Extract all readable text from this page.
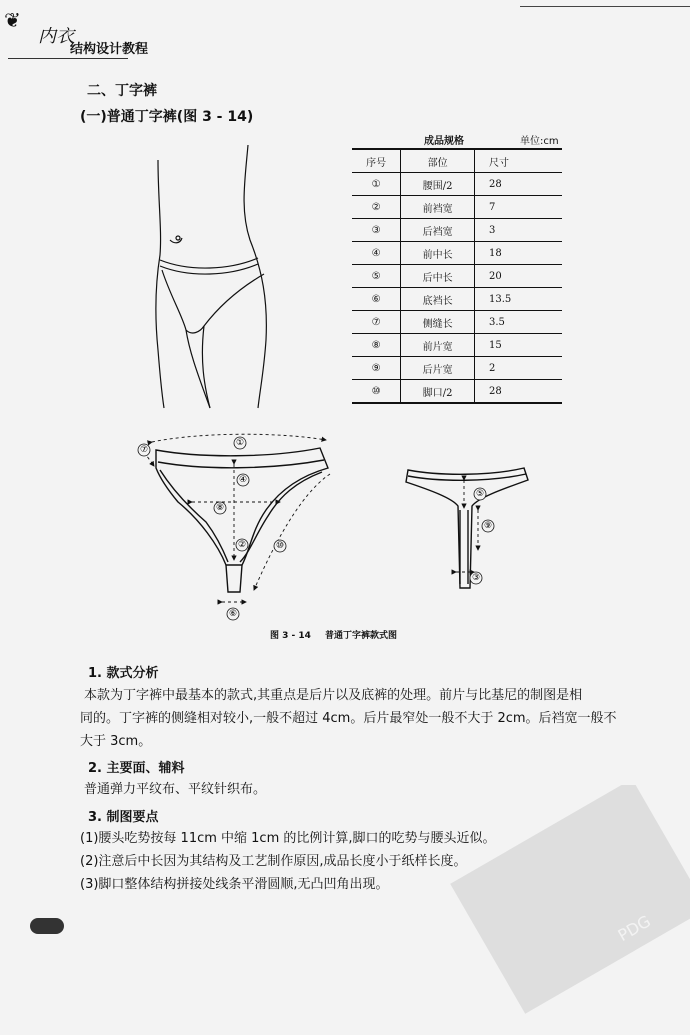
❦
内衣
结构设计教程
二、丁字裤
(一)普通丁字裤(图 3 - 14)
成品规格	单位:cm
序号	部位	尺寸
①	腰围/2	28
②	前裆宽	7
③	后裆宽	3
④	前中长	18
⑤	后中长	20
⑥	底裆长	13.5
⑦	侧缝长	3.5
⑧	前片宽	15
⑨	后片宽	2
⑩	脚口/2	28
①
④
⑧
②	⑩
⑥
⑦
⑤
⑨
③
图 3 - 14 普通丁字裤款式图
1. 款式分析
本款为丁字裤中最基本的款式,其重点是后片以及底裤的处理。前片与比基尼的制图是相
同的。丁字裤的侧缝相对较小,一般不超过 4cm。后片最窄处一般不大于 2cm。后裆宽一般不
大于 3cm。
2. 主要面、辅料
普通弹力平纹布、平纹针织布。
3. 制图要点
(1)腰头吃势按每 11cm 中缩 1cm 的比例计算,脚口的吃势与腰头近似。
(2)注意后中长因为其结构及工艺制作原因,成品长度小于纸样长度。
(3)脚口整体结构拼接处线条平滑圆顺,无凸凹角出现。
PDG
